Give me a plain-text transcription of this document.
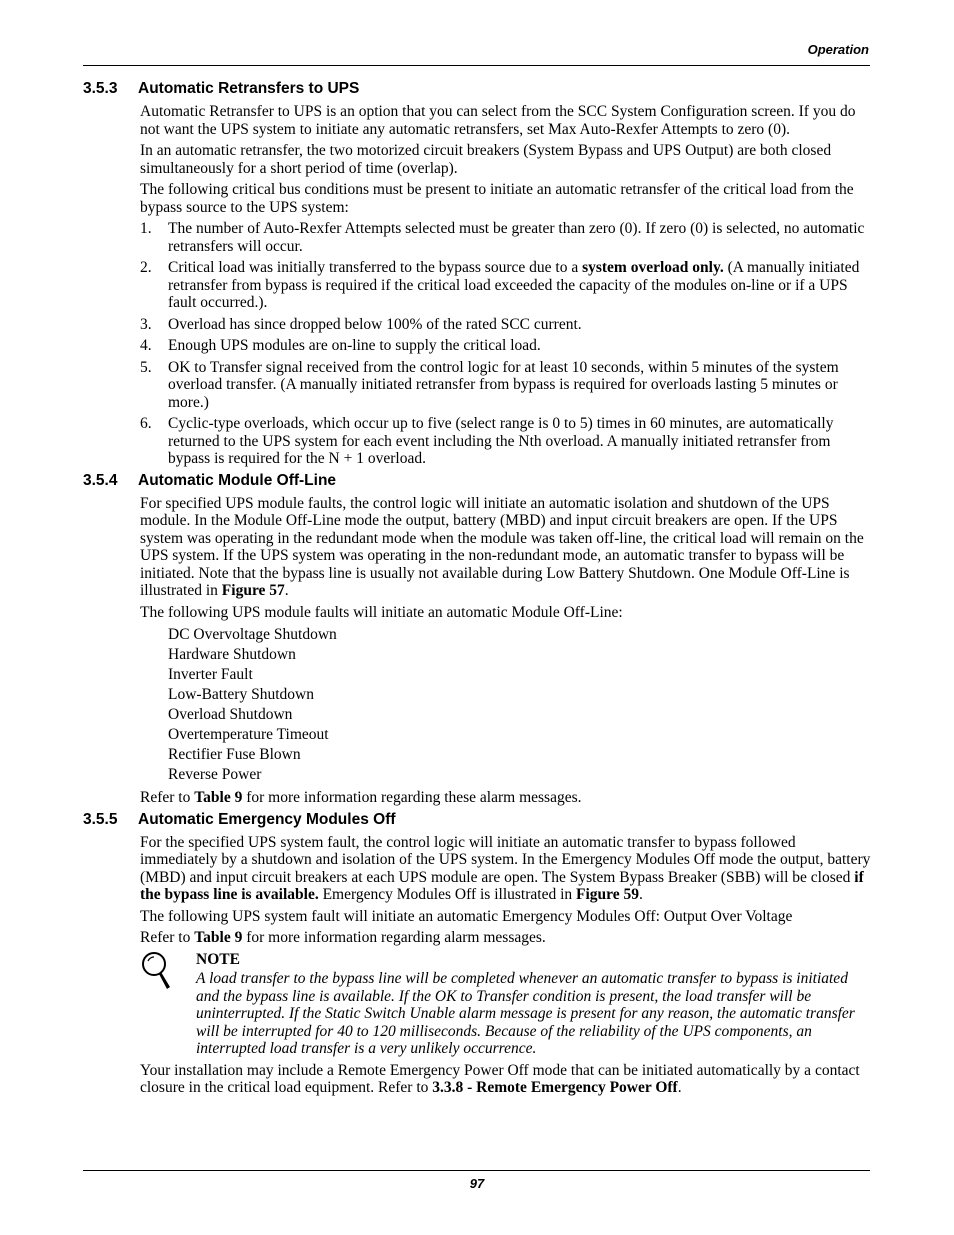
Operation
3.5.3 Automatic Retransfers to UPS

Automatic Retransfer to UPS is an option that you can select from the SCC System Configuration screen. If you do not want the UPS system to initiate any automatic retransfers, set Max Auto-Rexfer Attempts to zero (0).

In an automatic retransfer, the two motorized circuit breakers (System Bypass and UPS Output) are both closed simultaneously for a short period of time (overlap).

The following critical bus conditions must be present to initiate an automatic retransfer of the critical load from the bypass source to the UPS system:

1. The number of Auto-Rexfer Attempts selected must be greater than zero (0). If zero (0) is selected, no automatic retransfers will occur.
2. Critical load was initially transferred to the bypass source due to a system overload only. (A manually initiated retransfer from bypass is required if the critical load exceeded the capacity of the modules on-line or if a UPS fault occurred.).
3. Overload has since dropped below 100% of the rated SCC current.
4. Enough UPS modules are on-line to supply the critical load.
5. OK to Transfer signal received from the control logic for at least 10 seconds, within 5 minutes of the system overload transfer. (A manually initiated retransfer from bypass is required for overloads lasting 5 minutes or more.)
6. Cyclic-type overloads, which occur up to five (select range is 0 to 5) times in 60 minutes, are automatically returned to the UPS system for each event including the Nth overload. A manually initiated retransfer from bypass is required for the N + 1 overload.
3.5.4 Automatic Module Off-Line

For specified UPS module faults, the control logic will initiate an automatic isolation and shutdown of the UPS module. In the Module Off-Line mode the output, battery (MBD) and input circuit breakers are open. If the UPS system was operating in the redundant mode when the module was taken off-line, the critical load will remain on the UPS system. If the UPS system was operating in the non-redundant mode, an automatic transfer to bypass will be initiated. Note that the bypass line is usually not available during Low Battery Shutdown. One Module Off-Line is illustrated in Figure 57.

The following UPS module faults will initiate an automatic Module Off-Line:

DC Overvoltage Shutdown
Hardware Shutdown
Inverter Fault
Low-Battery Shutdown
Overload Shutdown
Overtemperature Timeout
Rectifier Fuse Blown
Reverse Power

Refer to Table 9 for more information regarding these alarm messages.

3.5.5 Automatic Emergency Modules Off

For the specified UPS system fault, the control logic will initiate an automatic transfer to bypass followed immediately by a shutdown and isolation of the UPS system. In the Emergency Modules Off mode the output, battery (MBD) and input circuit breakers at each UPS module are open. The System Bypass Breaker (SBB) will be closed if the bypass line is available. Emergency Modules Off is illustrated in Figure 59.

The following UPS system fault will initiate an automatic Emergency Modules Off: Output Over Voltage

Refer to Table 9 for more information regarding alarm messages.

NOTE
A load transfer to the bypass line will be completed whenever an automatic transfer to bypass is initiated and the bypass line is available. If the OK to Transfer condition is present, the load transfer will be uninterrupted. If the Static Switch Unable alarm message is present for any reason, the automatic transfer will be interrupted for 40 to 120 milliseconds. Because of the reliability of the UPS components, an interrupted load transfer is a very unlikely occurrence.

Your installation may include a Remote Emergency Power Off mode that can be initiated automatically by a contact closure in the critical load equipment. Refer to 3.3.8 - Remote Emergency Power Off.

97
